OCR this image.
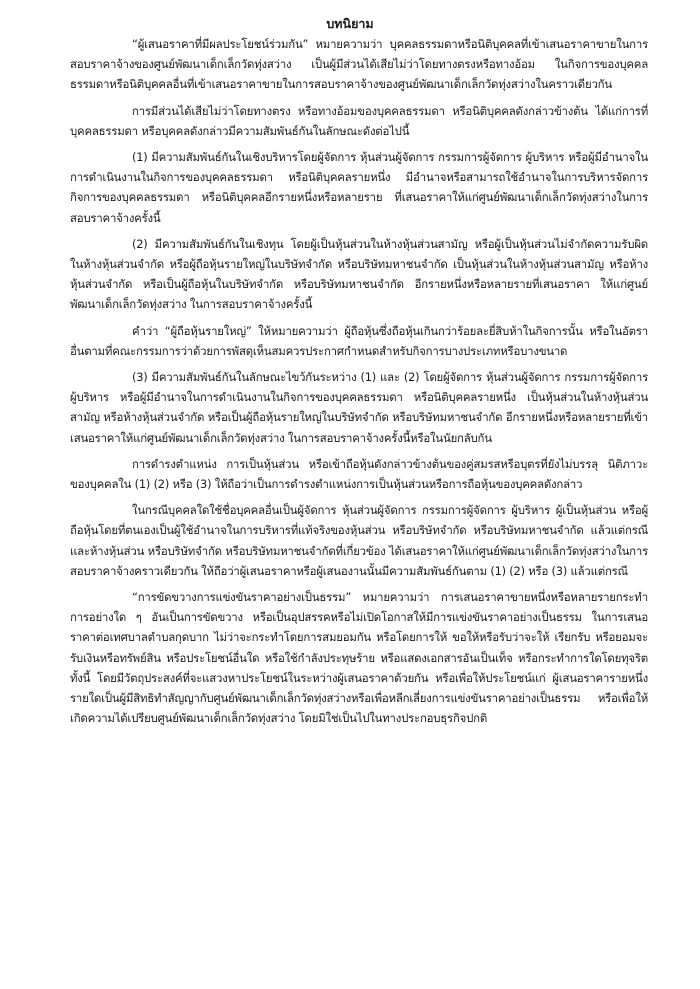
บทนิยาม

“ผู้เสนอราคาที่มีผลประโยชน์ร่วมกัน” หมายความว่า บุคคลธรรมดาหรือนิติบุคคลที่เข้าเสนอราคาขายในการสอบราคาจ้างของศูนย์พัฒนาเด็กเล็กวัดทุ่งสว่าง เป็นผู้มีส่วนได้เสียไม่ว่าโดยทางตรงหรือทางอ้อม ในกิจการของบุคคลธรรมดาหรือนิติบุคคลอื่นที่เข้าเสนอราคาขายในการสอบราคาจ้างของศูนย์พัฒนาเด็กเล็กวัดทุ่งสว่างในคราวเดียวกัน

การมีส่วนได้เสียไม่ว่าโดยทางตรง หรือทางอ้อมของบุคคลธรรมดา หรือนิติบุคคลดังกล่าวข้างต้น ได้แก่การที่บุคคลธรรมดา หรือบุคคลดังกล่าวมีความสัมพันธ์กันในลักษณะดังต่อไปนี้

(1) มีความสัมพันธ์กันในเชิงบริหารโดยผู้จัดการ หุ้นส่วนผู้จัดการ กรรมการผู้จัดการ ผู้บริหาร หรือผู้มีอำนาจในการดำเนินงานในกิจการของบุคคลธรรมดา หรือนิติบุคคลรายหนึ่ง มีอำนาจหรือสามารถใช้อำนาจในการบริหารจัดการกิจการของบุคคลธรรมดา หรือนิติบุคคลอีกรายหนึ่งหรือหลายราย ที่เสนอราคาให้แก่ศูนย์พัฒนาเด็กเล็กวัดทุ่งสว่างในการสอบราคาจ้างครั้งนี้

(2) มีความสัมพันธ์กันในเชิงทุน โดยผู้เป็นหุ้นส่วนในห้างหุ้นส่วนสามัญ หรือผู้เป็นหุ้นส่วนไม่จำกัดความรับผิดในห้างหุ้นส่วนจำกัด หรือผู้ถือหุ้นรายใหญ่ในบริษัทจำกัด หรือบริษัทมหาชนจำกัด เป็นหุ้นส่วนในห้างหุ้นส่วนสามัญ หรือห้างหุ้นส่วนจำกัด หรือเป็นผู้ถือหุ้นในบริษัทจำกัด หรือบริษัทมหาชนจำกัด อีกรายหนึ่งหรือหลายรายที่เสนอราคา ให้แก่ศูนย์พัฒนาเด็กเล็กวัดทุ่งสว่าง ในการสอบราคาจ้างครั้งนี้

คำว่า “ผู้ถือหุ้นรายใหญ่” ให้หมายความว่า ผู้ถือหุ้นซึ่งถือหุ้นเกินกว่าร้อยละยี่สิบห้าในกิจการนั้น หรือในอัตราอื่นตามที่คณะกรรมการว่าด้วยการพัสดุเห็นสมควรประกาศกำหนดสำหรับกิจการบางประเภทหรือบางขนาด

(3) มีความสัมพันธ์กันในลักษณะไขว้กันระหว่าง (1) และ (2) โดยผู้จัดการ หุ้นส่วนผู้จัดการ กรรมการผู้จัดการผู้บริหาร หรือผู้มีอำนาจในการดำเนินงานในกิจการของบุคคลธรรมดา หรือนิติบุคคลรายหนึ่ง เป็นหุ้นส่วนในห้างหุ้นส่วนสามัญ หรือห้างหุ้นส่วนจำกัด หรือเป็นผู้ถือหุ้นรายใหญ่ในบริษัทจำกัด หรือบริษัทมหาชนจำกัด อีกรายหนึ่งหรือหลายรายที่เข้าเสนอราคาให้แก่ศูนย์พัฒนาเด็กเล็กวัดทุ่งสว่าง ในการสอบราคาจ้างครั้งนี้หรือในนัยกลับกัน

การดำรงตำแหน่ง การเป็นหุ้นส่วน หรือเข้าถือหุ้นดังกล่าวข้างต้นของคู่สมรสหรือบุตรที่ยังไม่บรรลุ นิติภาวะของบุคคลใน (1) (2) หรือ (3) ให้ถือว่าเป็นการดำรงตำแหน่งการเป็นหุ้นส่วนหรือการถือหุ้นของบุคคลดังกล่าว

ในกรณีบุคคลใดใช้ชื่อบุคคลอื่นเป็นผู้จัดการ หุ้นส่วนผู้จัดการ กรรมการผู้จัดการ ผู้บริหาร ผู้เป็นหุ้นส่วน หรือผู้ถือหุ้นโดยที่ตนเองเป็นผู้ใช้อำนาจในการบริหารที่แท้จริงของหุ้นส่วน หรือบริษัทจำกัด หรือบริษัทมหาชนจำกัด แล้วแต่กรณี และห้างหุ้นส่วน หรือบริษัทจำกัด หรือบริษัทมหาชนจำกัดที่เกี่ยวข้อง ได้เสนอราคาให้แก่ศูนย์พัฒนาเด็กเล็กวัดทุ่งสว่างในการสอบราคาจ้างคราวเดียวกัน ให้ถือว่าผู้เสนอราคาหรือผู้เสนองานนั้นมีความสัมพันธ์กันตาม (1) (2) หรือ (3) แล้วแต่กรณี

“การขัดขวางการแข่งขันราคาอย่างเป็นธรรม” หมายความว่า การเสนอราคาขายหนึ่งหรือหลายรายกระทำการอย่างใด ๆ อันเป็นการขัดขวาง หรือเป็นอุปสรรคหรือไม่เปิดโอกาสให้มีการแข่งขันราคาอย่างเป็นธรรม ในการเสนอราคาต่อเทศบาลตำบลกุดบาก ไม่ว่าจะกระทำโดยการสมยอมกัน หรือโดยการให้ ขอให้หรือรับว่าจะให้ เรียกรับ หรือยอมจะรับเงินหรือทรัพย์สิน หรือประโยชน์อื่นใด หรือใช้กำลังประทุษร้าย หรือแสดงเอกสารอันเป็นเท็จ หรือกระทำการใดโดยทุจริต ทั้งนี้ โดยมีวัตถุประสงค์ที่จะแสวงหาประโยชน์ในระหว่างผู้เสนอราคาด้วยกัน หรือเพื่อให้ประโยชน์แก่ ผู้เสนอราคารายหนึ่งรายใดเป็นผู้มีสิทธิทำสัญญากับศูนย์พัฒนาเด็กเล็กวัดทุ่งสว่างหรือเพื่อหลีกเลี่ยงการแข่งขันราคาอย่างเป็นธรรม หรือเพื่อให้เกิดความได้เปรียบศูนย์พัฒนาเด็กเล็กวัดทุ่งสว่าง โดยมิใช่เป็นไปในทางประกอบธุรกิจปกติ
